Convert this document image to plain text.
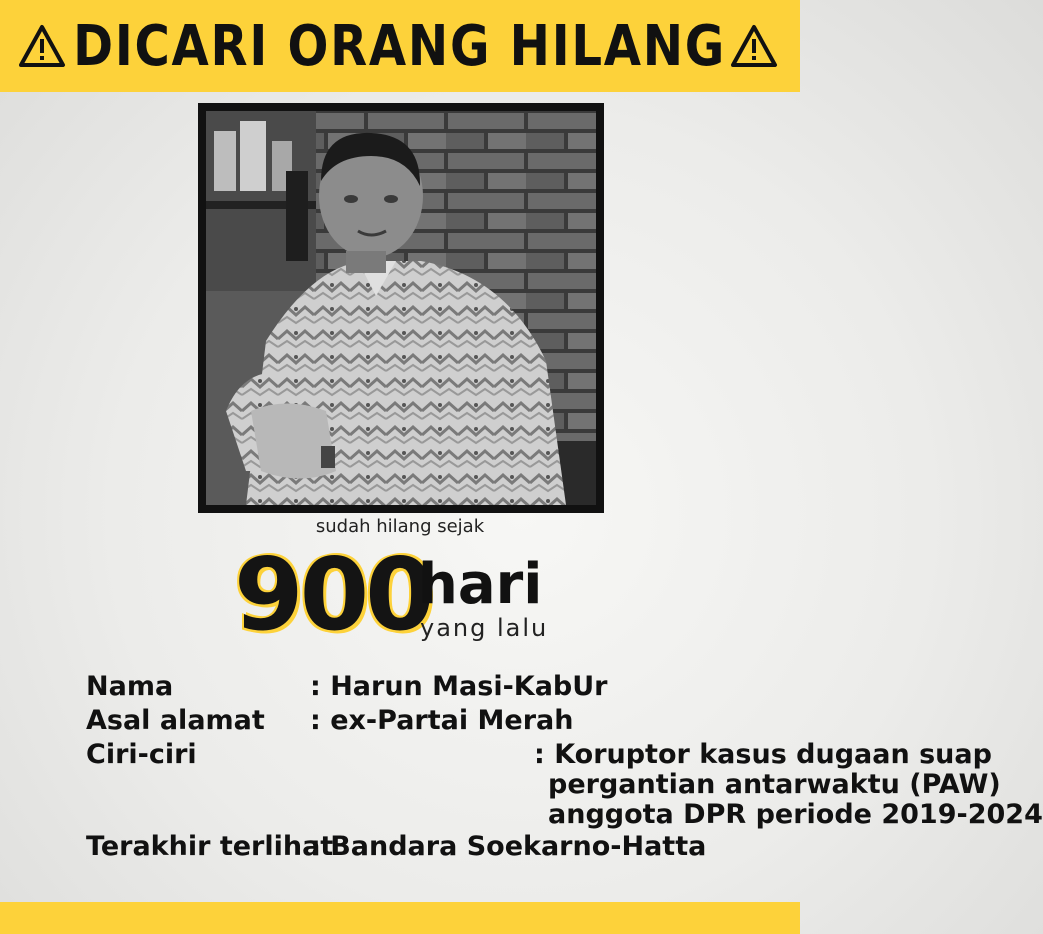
DICARI ORANG HILANG
sudah hilang sejak
900
hari
yang lalu
Nama	: Harun Masi-KabUr
Asal alamat : ex-Partai Merah
Ciri-ciri	: Koruptor kasus dugaan suap
pergantian antarwaktu (PAW)
anggota DPR periode 2019-2024
Terakhir terlihat
: Bandara Soekarno-Hatta
